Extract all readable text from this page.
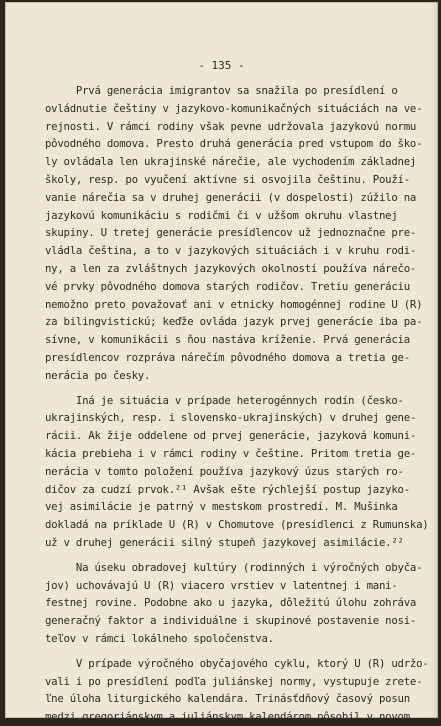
- 135 -
Prvá generácia imigrantov sa snažila po presídlení o
ovládnutie češtiny v jazykovo-komunikačných situáciách na ve-
rejnosti. V rámci rodiny však pevne udržovala jazykovú normu
pôvodného domova. Presto druhá generácia pred vstupom do ško-
ly ovládala len ukrajinské nárečie, ale vychodením základnej
školy, resp. po vyučení aktívne si osvojila češtinu. Použí-
vanie nárečia sa v druhej generácii (v dospelosti) zúžilo na
jazykovú komunikáciu s rodičmi či v užšom okruhu vlastnej
skupiny. U tretej generácie presídlencov už jednoznačne pre-
vládla čeština, a to v jazykových situáciách i v kruhu rodi-
ny, a len za zvláštnych jazykových okolností používa nárečo-
vé prvky pôvodného domova starých rodičov. Tretiu generáciu
nemožno preto považovať ani v etnicky homogénnej rodine U (R)
za bilingvistickú; keďže ovláda jazyk prvej generácie iba pa-
sívne, v komunikácii s ňou nastáva kríženie. Prvá generácia
presídlencov rozpráva nárečím pôvodného domova a tretia ge-
nerácia po česky.
Iná je situácia v prípade heterogénnych rodín (česko-
ukrajinských, resp. i slovensko-ukrajinských) v druhej gene-
rácii. Ak žije oddelene od prvej generácie, jazyková komuni-
kácia prebieha i v rámci rodiny v češtine. Pritom tretia ge-
nerácia v tomto položení používa jazykový úzus starých ro-
dičov za cudzí prvok.²¹ Avšak ešte rýchlejší postup jazyko-
vej asimilácie je patrný v mestskom prostredí. M. Mušinka
dokladá na príklade U (R) v Chomutove (presídlenci z Rumunska)
už v druhej generácii silný stupeň jazykovej asimilácie.²²
Na úseku obradovej kultúry (rodinných i výročných obyča-
jov) uchovávajú U (R) viacero vrstiev v latentnej i mani-
festnej rovine. Podobne ako u jazyka, dôležitú úlohu zohráva
generačný faktor a individuálne i skupinové postavenie nosi-
teľov v rámci lokálneho spoločenstva.
V prípade výročného obyčajového cyklu, ktorý U (R) udržo-
vali i po presídlení podľa juliánskej normy, vystupuje zrete-
ľne úloha liturgického kalendára. Trinásťdňový časový posun
medzi gregoriánskym a juliánskym kalendárom pôsobil v novom
